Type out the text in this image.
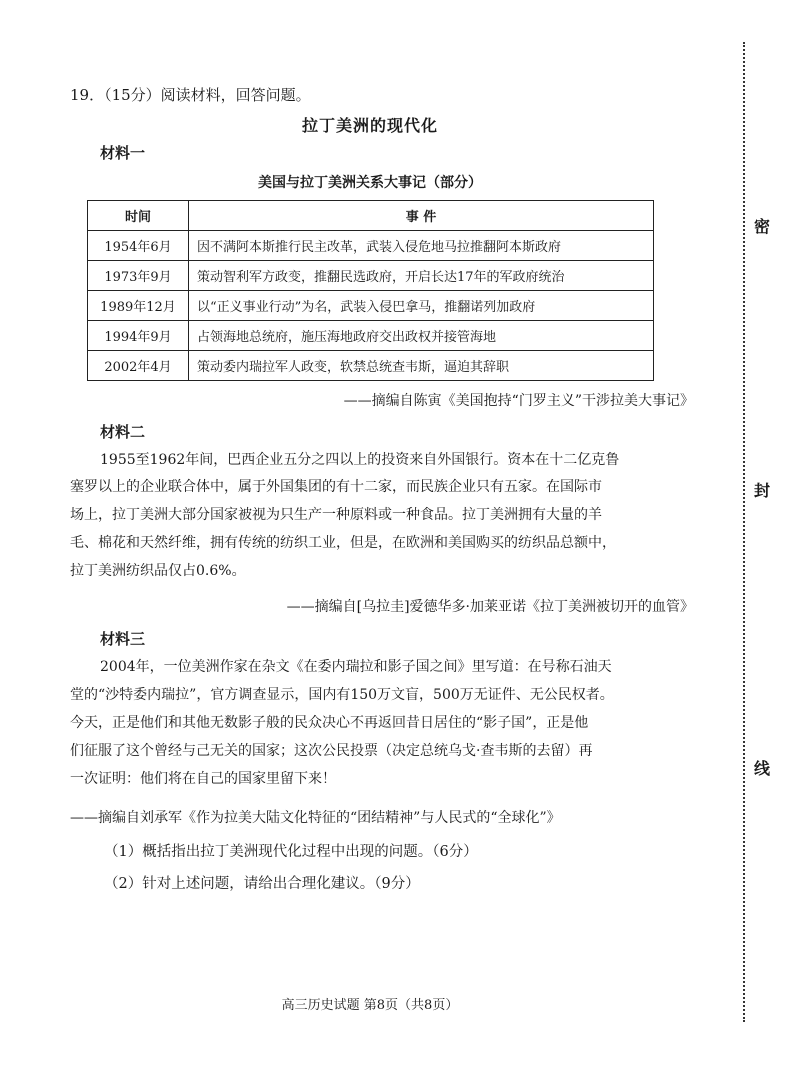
19．（15分）阅读材料，回答问题。
拉丁美洲的现代化
材料一
美国与拉丁美洲关系大事记（部分）
时间	事 件
1954年6月	因不满阿本斯推行民主改革，武装入侵危地马拉推翻阿本斯政府
1973年9月	策动智利军方政变，推翻民选政府，开启长达17年的军政府统治
1989年12月	以“正义事业行动”为名，武装入侵巴拿马，推翻诺列加政府
1994年9月	占领海地总统府，施压海地政府交出政权并接管海地
2002年4月	策动委内瑞拉军人政变，软禁总统查韦斯，逼迫其辞职
——摘编自陈寅《美国抱持“门罗主义”干涉拉美大事记》
材料二
1955至1962年间，巴西企业五分之四以上的投资来自外国银行。资本在十二亿克鲁
塞罗以上的企业联合体中，属于外国集团的有十二家，而民族企业只有五家。在国际市
场上，拉丁美洲大部分国家被视为只生产一种原料或一种食品。拉丁美洲拥有大量的羊
毛、棉花和天然纤维，拥有传统的纺织工业，但是，在欧洲和美国购买的纺织品总额中，
拉丁美洲纺织品仅占0.6%。
——摘编自[乌拉圭]爱德华多·加莱亚诺《拉丁美洲被切开的血管》
材料三
2004年，一位美洲作家在杂文《在委内瑞拉和影子国之间》里写道：在号称石油天
堂的“沙特委内瑞拉”，官方调查显示，国内有150万文盲，500万无证件、无公民权者。
今天，正是他们和其他无数影子般的民众决心不再返回昔日居住的“影子国”，正是他
们征服了这个曾经与己无关的国家；这次公民投票（决定总统乌戈·查韦斯的去留）再
一次证明：他们将在自己的国家里留下来！
——摘编自刘承军《作为拉美大陆文化特征的“团结精神”与人民式的“全球化”》
（1）概括指出拉丁美洲现代化过程中出现的问题。（6分）
（2）针对上述问题，请给出合理化建议。（9分）
高三历史试题 第8页（共8页）
密
封
线
